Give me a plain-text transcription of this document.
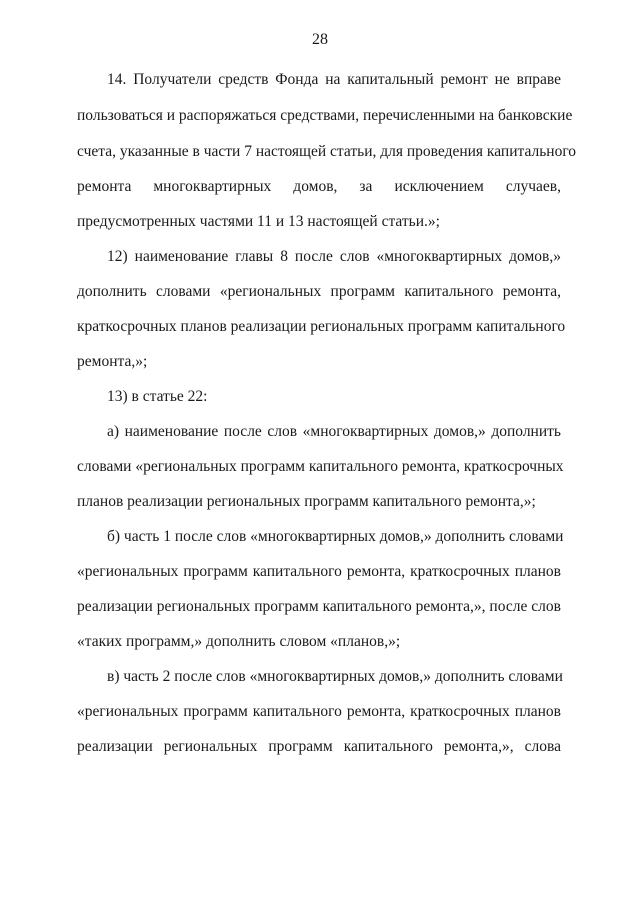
28
14. Получатели средств Фонда на капитальный ремонт не вправе
пользоваться и распоряжаться средствами, перечисленными на банковские
счета, указанные в части 7 настоящей статьи, для проведения капитального
ремонта многоквартирных домов, за исключением случаев,
предусмотренных частями 11 и 13 настоящей статьи.»;
12) наименование главы 8 после слов «многоквартирных домов,»
дополнить словами «региональных программ капитального ремонта,
краткосрочных планов реализации региональных программ капитального
ремонта,»;
13) в статье 22:
а) наименование после слов «многоквартирных домов,» дополнить
словами «региональных программ капитального ремонта, краткосрочных
планов реализации региональных программ капитального ремонта,»;
б) часть 1 после слов «многоквартирных домов,» дополнить словами
«региональных программ капитального ремонта, краткосрочных планов
реализации региональных программ капитального ремонта,», после слов
«таких программ,» дополнить словом «планов,»;
в) часть 2 после слов «многоквартирных домов,» дополнить словами
«региональных программ капитального ремонта, краткосрочных планов
реализации региональных программ капитального ремонта,», слова
